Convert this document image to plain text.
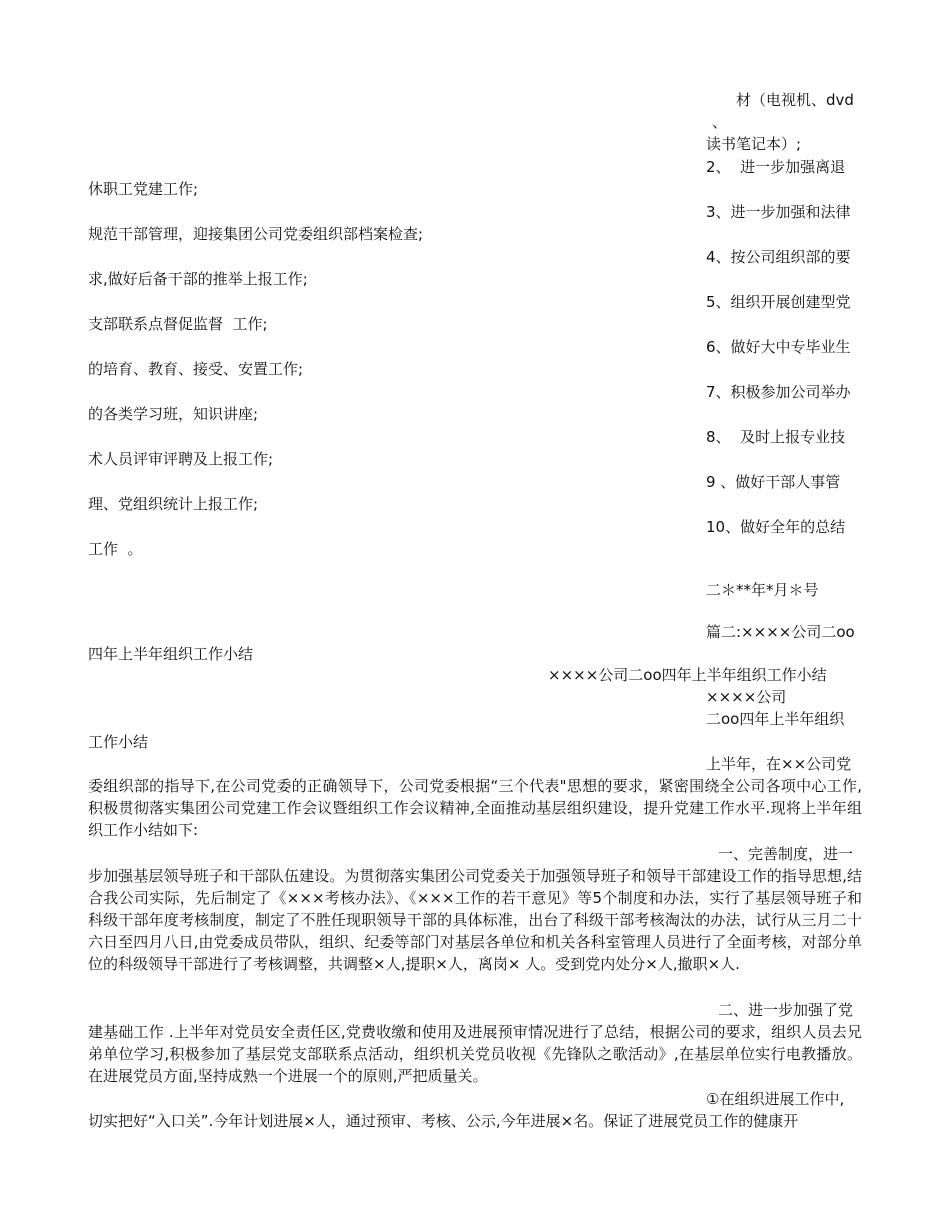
材（电视机、dvd
、
读书笔记本）;
2、  进一步加强离退
休职工党建工作;
3、进一步加强和法律
规范干部管理，迎接集团公司党委组织部档案检查;
4、按公司组织部的要
求,做好后备干部的推举上报工作;
5、组织开展创建型党
支部联系点督促监督  工作;
6、做好大中专毕业生
的培育、教育、接受、安置工作;
7、积极参加公司举办
的各类学习班，知识讲座;
8、  及时上报专业技
术人员评审评聘及上报工作;
9 、做好干部人事管
理、党组织统计上报工作;
10、做好全年的总结
工作  。
二＊**年*月＊号
篇二:××××公司二oo
四年上半年组织工作小结
××××公司二oo四年上半年组织工作小结
××××公司
二oo四年上半年组织
工作小结
上半年，在××公司党
委组织部的指导下,在公司党委的正确领导下，公司党委根据“三个代表"思想的要求，紧密围绕全公司各项中心工作,积极贯彻落实集团公司党建工作会议暨组织工作会议精神,全面推动基层组织建设，提升党建工作水平.现将上半年组织工作小结如下:
一、完善制度，进一
步加强基层领导班子和干部队伍建设。为贯彻落实集团公司党委关于加强领导班子和领导干部建设工作的指导思想,结合我公司实际，先后制定了《×××考核办法》、《×××工作的若干意见》等5个制度和办法，实行了基层领导班子和科级干部年度考核制度，制定了不胜任现职领导干部的具体标准，出台了科级干部考核淘汰的办法，试行从三月二十六日至四月八日,由党委成员带队，组织、纪委等部门对基层各单位和机关各科室管理人员进行了全面考核，对部分单位的科级领导干部进行了考核调整，共调整×人,提职×人，离岗× 人。受到党内处分×人,撤职×人.
二、进一步加强了党
建基础工作 .上半年对党员安全责任区,党费收缴和使用及进展预审情况进行了总结，根据公司的要求，组织人员去兄弟单位学习,积极参加了基层党支部联系点活动，组织机关党员收视《先锋队之歌活动》,在基层单位实行电教播放。在进展党员方面,坚持成熟一个进展一个的原则,严把质量关。
①在组织进展工作中,
切实把好“入口关”.今年计划进展×人，通过预审、考核、公示,今年进展×名。保证了进展党员工作的健康开
